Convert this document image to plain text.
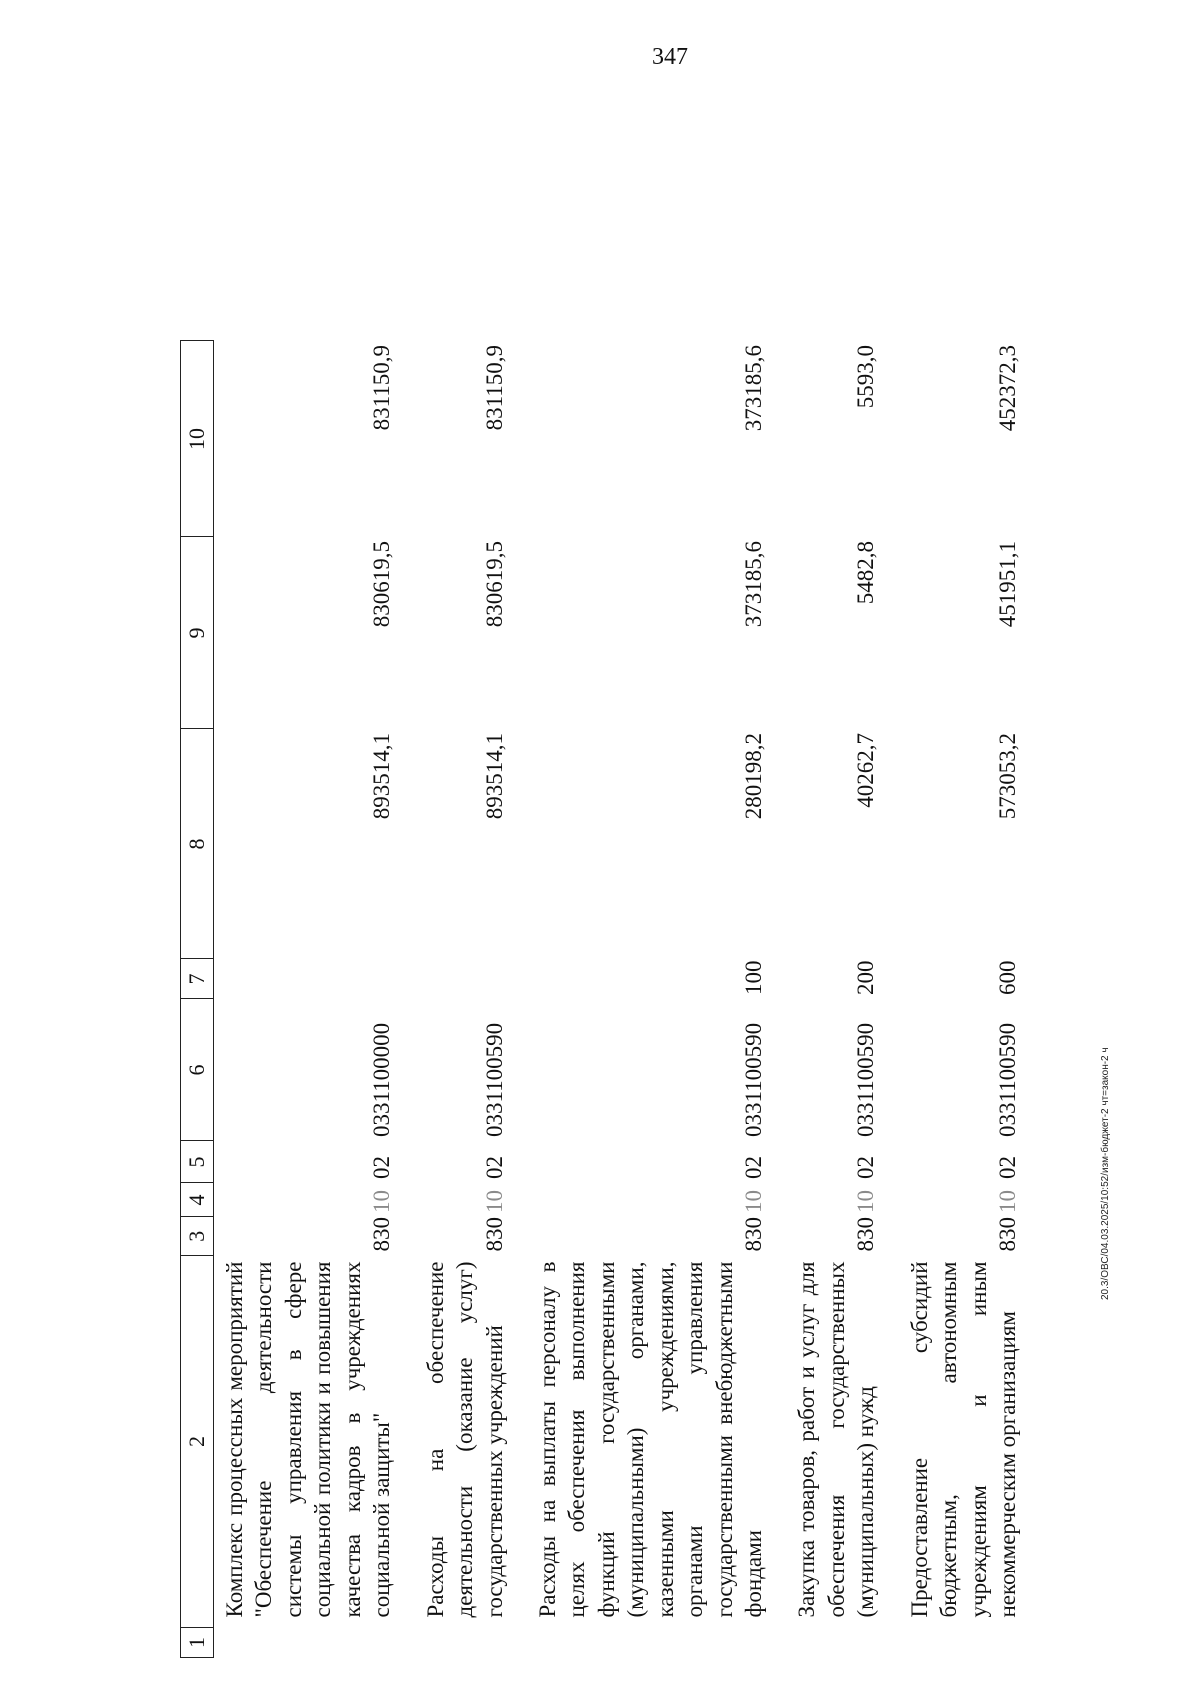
347
1	2	3	4	5	6	7	8	9	10
	Комплекс процессных мероприятий "Обеспечение деятельности системы управления в сфере социальной политики и повышения качества кадров в учреждениях социальной защиты"	830	10	02	0331100000		893514,1	830619,5	831150,9
	Расходы на обеспечение деятельности (оказание услуг) государственных учреждений	830	10	02	0331100590		893514,1	830619,5	831150,9
	Расходы на выплаты персоналу в целях обеспечения выполнения функций государственными (муниципальными) органами, казенными учреждениями, органами управления государственными внебюджетными фондами	830	10	02	0331100590	100	280198,2	373185,6	373185,6
	Закупка товаров, работ и услуг для обеспечения государственных (муниципальных) нужд	830	10	02	0331100590	200	40262,7	5482,8	5593,0
	Предоставление субсидий бюджетным, автономным учреждениям и иным некоммерческим организациям	830	10	02	0331100590	600	573053,2	451951,1	452372,3
20.3/ОВС/04.03.2025/10:52/изм-бюджет-2 чт=закон-2 ч
